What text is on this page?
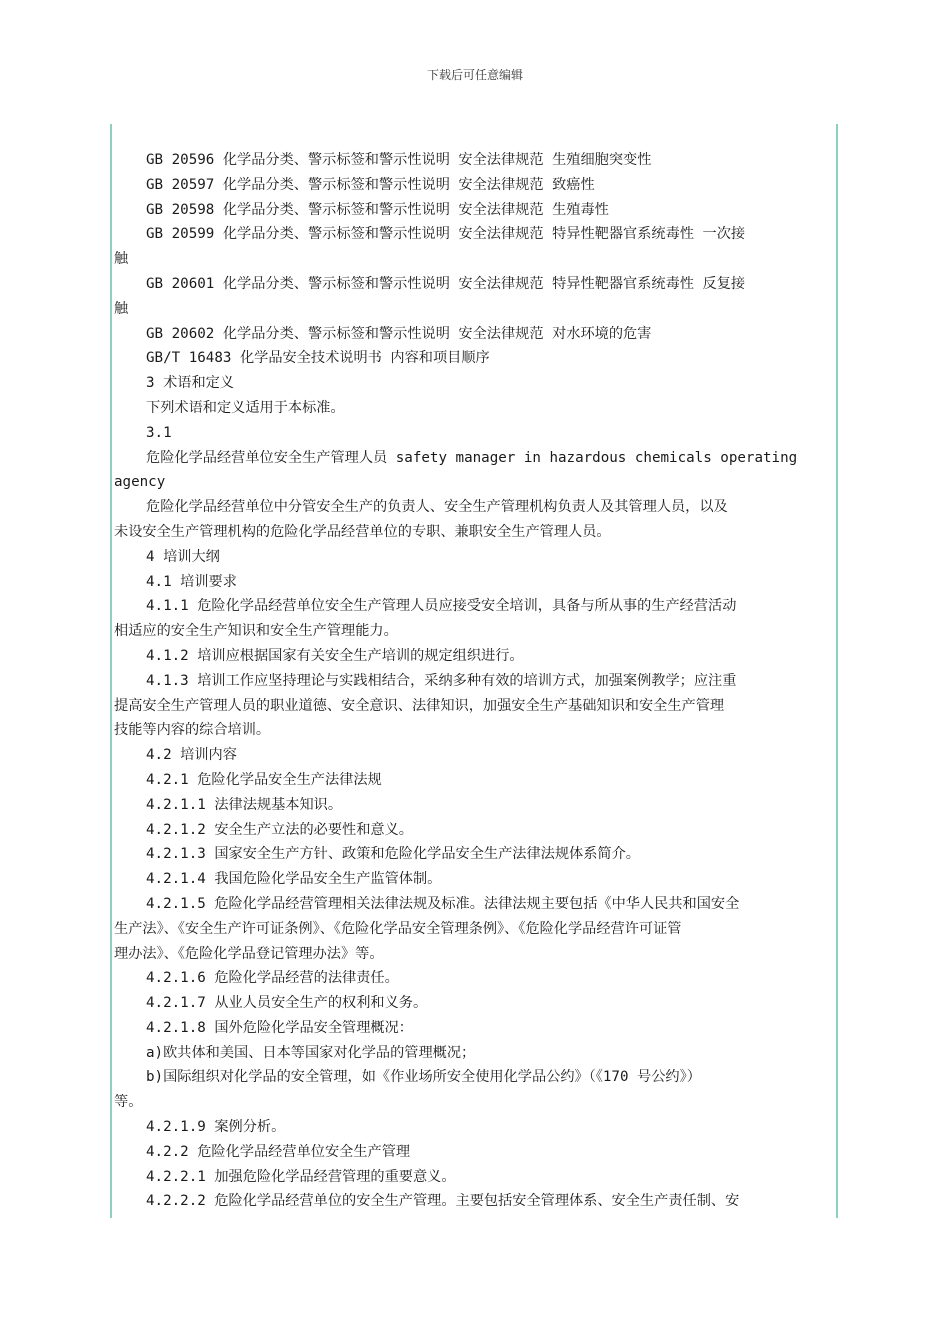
下载后可任意编辑
GB 20596 化学品分类、警示标签和警示性说明 安全法律规范 生殖细胞突变性
GB 20597 化学品分类、警示标签和警示性说明 安全法律规范 致癌性
GB 20598 化学品分类、警示标签和警示性说明 安全法律规范 生殖毒性
GB 20599 化学品分类、警示标签和警示性说明 安全法律规范 特异性靶器官系统毒性 一次接
触
GB 20601 化学品分类、警示标签和警示性说明 安全法律规范 特异性靶器官系统毒性 反复接
触
GB 20602 化学品分类、警示标签和警示性说明 安全法律规范 对水环境的危害
GB/T 16483 化学品安全技术说明书 内容和项目顺序
3 术语和定义
下列术语和定义适用于本标准。
3.1
危险化学品经营单位安全生产管理人员 safety manager in hazardous chemicals operating
agency
危险化学品经营单位中分管安全生产的负责人、安全生产管理机构负责人及其管理人员，以及
未设安全生产管理机构的危险化学品经营单位的专职、兼职安全生产管理人员。
4 培训大纲
4.1 培训要求
4.1.1 危险化学品经营单位安全生产管理人员应接受安全培训，具备与所从事的生产经营活动
相适应的安全生产知识和安全生产管理能力。
4.1.2 培训应根据国家有关安全生产培训的规定组织进行。
4.1.3 培训工作应坚持理论与实践相结合，采纳多种有效的培训方式，加强案例教学；应注重
提高安全生产管理人员的职业道德、安全意识、法律知识，加强安全生产基础知识和安全生产管理
技能等内容的综合培训。
4.2 培训内容
4.2.1 危险化学品安全生产法律法规
4.2.1.1 法律法规基本知识。
4.2.1.2 安全生产立法的必要性和意义。
4.2.1.3 国家安全生产方针、政策和危险化学品安全生产法律法规体系简介。
4.2.1.4 我国危险化学品安全生产监管体制。
4.2.1.5 危险化学品经营管理相关法律法规及标准。法律法规主要包括《中华人民共和国安全
生产法》、《安全生产许可证条例》、《危险化学品安全管理条例》、《危险化学品经营许可证管
理办法》、《危险化学品登记管理办法》等。
4.2.1.6 危险化学品经营的法律责任。
4.2.1.7 从业人员安全生产的权利和义务。
4.2.1.8 国外危险化学品安全管理概况：
a)欧共体和美国、日本等国家对化学品的管理概况；
b)国际组织对化学品的安全管理，如《作业场所安全使用化学品公约》（《170 号公约》）
等。
4.2.1.9 案例分析。
4.2.2 危险化学品经营单位安全生产管理
4.2.2.1 加强危险化学品经营管理的重要意义。
4.2.2.2 危险化学品经营单位的安全生产管理。主要包括安全管理体系、安全生产责任制、安
